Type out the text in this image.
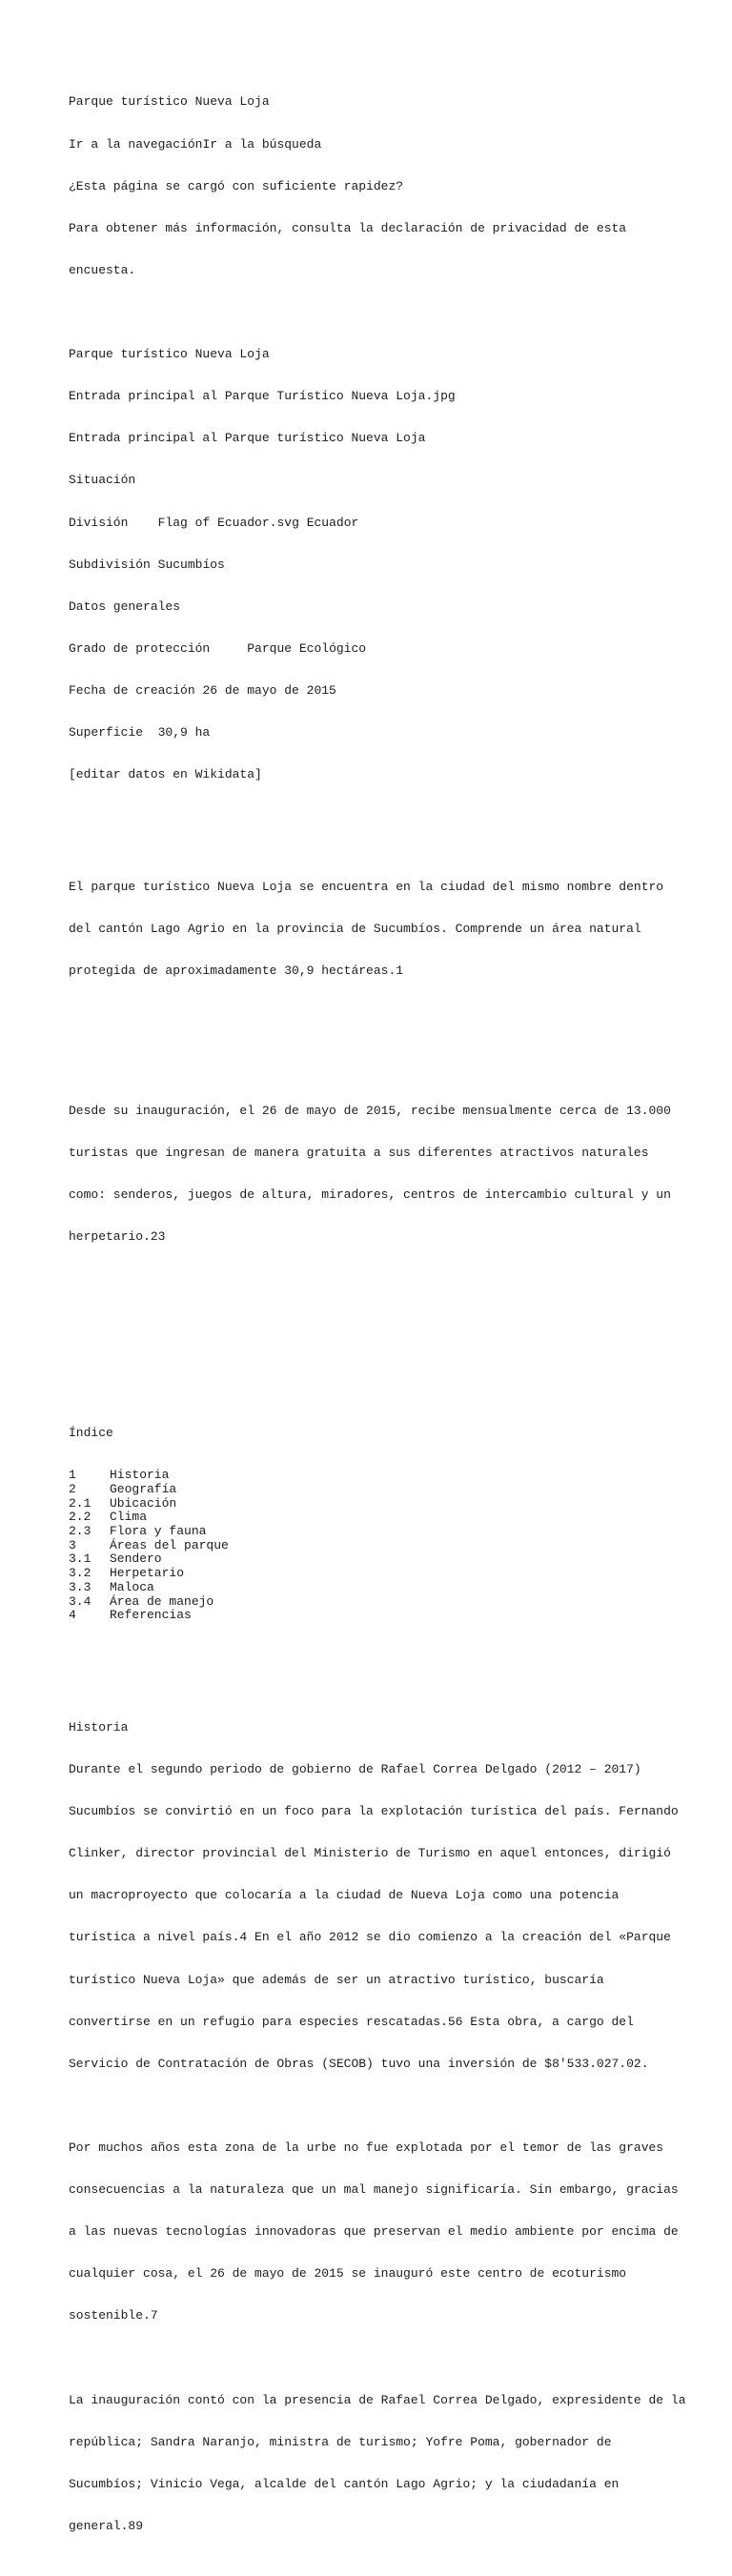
Parque turístico Nueva Loja

Ir a la navegaciónIr a la búsqueda

¿Esta página se cargó con suficiente rapidez?

Para obtener más información, consulta la declaración de privacidad de esta

encuesta.

Parque turístico Nueva Loja

Entrada principal al Parque Turístico Nueva Loja.jpg

Entrada principal al Parque turístico Nueva Loja

Situación

División Flag of Ecuador.svg Ecuador

Subdivisión Sucumbíos

Datos generales

Grado de protección	Parque Ecológico

Fecha de creación 26 de mayo de 2015

Superficie 30,9 ha

[editar datos en Wikidata]

El parque turístico Nueva Loja se encuentra en la ciudad del mismo nombre dentro

del cantón Lago Agrio en la provincia de Sucumbíos. Comprende un área natural

protegida de aproximadamente 30,9 hectáreas.1

Desde su inauguración, el 26 de mayo de 2015, recibe mensualmente cerca de 13.000

turistas que ingresan de manera gratuita a sus diferentes atractivos naturales

como: senderos, juegos de altura, miradores, centros de intercambio cultural y un

herpetario.23

Índice

1	Historia
2	Geografía
2.1 Ubicación
2.2 Clima
2.3 Flora y fauna
3	Áreas del parque
3.1 Sendero
3.2 Herpetario
3.3 Maloca
3.4 Área de manejo
4	Referencias

Historia

Durante el segundo periodo de gobierno de Rafael Correa Delgado (2012 – 2017)

Sucumbíos se convirtió en un foco para la explotación turística del país. Fernando

Clinker, director provincial del Ministerio de Turismo en aquel entonces, dirigió

un macroproyecto que colocaría a la ciudad de Nueva Loja como una potencia

turística a nivel país.4 En el año 2012 se dio comienzo a la creación del «Parque

turístico Nueva Loja» que además de ser un atractivo turístico, buscaría

convertirse en un refugio para especies rescatadas.56 Esta obra, a cargo del

Servicio de Contratación de Obras (SECOB) tuvo una inversión de $8′533.027.02.

Por muchos años esta zona de la urbe no fue explotada por el temor de las graves

consecuencias a la naturaleza que un mal manejo significaría. Sin embargo, gracias

a las nuevas tecnologías innovadoras que preservan el medio ambiente por encima de

cualquier cosa, el 26 de mayo de 2015 se inauguró este centro de ecoturismo

sostenible.7

La inauguración contó con la presencia de Rafael Correa Delgado, expresidente de la

república; Sandra Naranjo, ministra de turismo; Yofre Poma, gobernador de

Sucumbíos; Vinicio Vega, alcalde del cantón Lago Agrio; y la ciudadanía en

general.89
